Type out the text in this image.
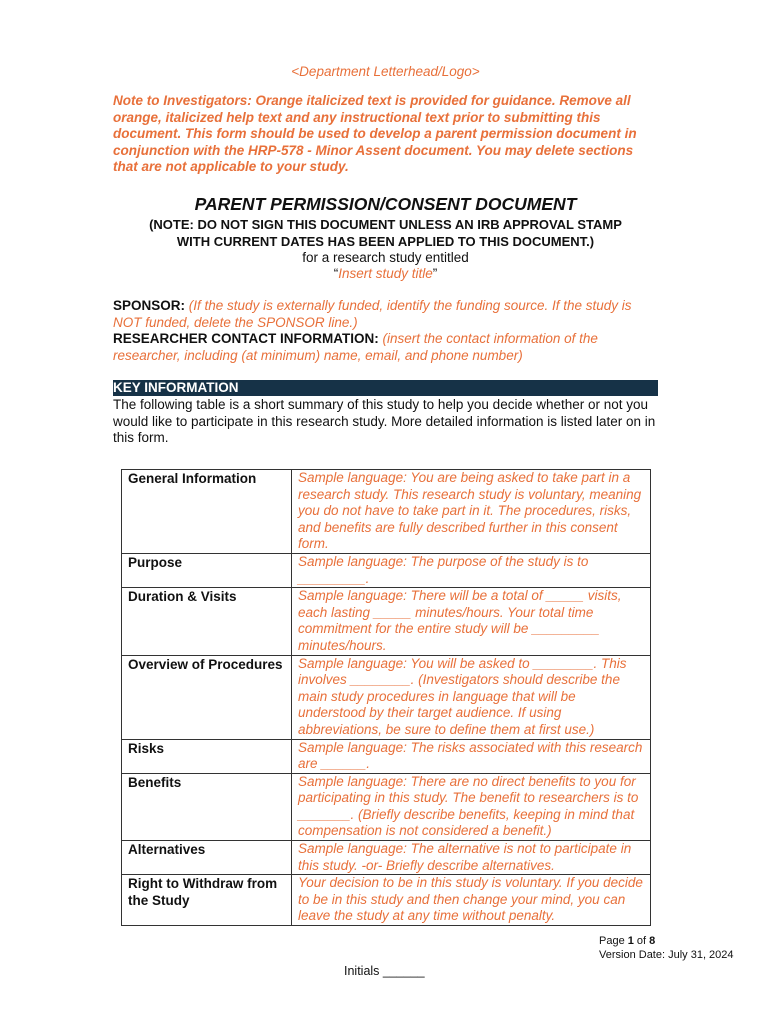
<Department Letterhead/Logo>
Note to Investigators: Orange italicized text is provided for guidance. Remove all orange, italicized help text and any instructional text prior to submitting this document. This form should be used to develop a parent permission document in conjunction with the HRP-578 - Minor Assent document. You may delete sections that are not applicable to your study.
PARENT PERMISSION/CONSENT DOCUMENT
(NOTE: DO NOT SIGN THIS DOCUMENT UNLESS AN IRB APPROVAL STAMP
WITH CURRENT DATES HAS BEEN APPLIED TO THIS DOCUMENT.)
for a research study entitled
“Insert study title”
SPONSOR: (If the study is externally funded, identify the funding source. If the study is NOT funded, delete the SPONSOR line.)
RESEARCHER CONTACT INFORMATION: (insert the contact information of the researcher, including (at minimum) name, email, and phone number)
KEY INFORMATION
The following table is a short summary of this study to help you decide whether or not you would like to participate in this research study. More detailed information is listed later on in this form.
General Information	Sample language: You are being asked to take part in a research study. This research study is voluntary, meaning you do not have to take part in it. The procedures, risks, and benefits are fully described further in this consent form.
Purpose	Sample language: The purpose of the study is to _________.
Duration & Visits	Sample language: There will be a total of _____ visits, each lasting _____ minutes/hours. Your total time commitment for the entire study will be _________ minutes/hours.
Overview of Procedures	Sample language: You will be asked to ________. This involves ________. (Investigators should describe the main study procedures in language that will be understood by their target audience. If using abbreviations, be sure to define them at first use.)
Risks	Sample language: The risks associated with this research are ______.
Benefits	Sample language: There are no direct benefits to you for participating in this study. The benefit to researchers is to _______. (Briefly describe benefits, keeping in mind that compensation is not considered a benefit.)
Alternatives	Sample language: The alternative is not to participate in this study. -or- Briefly describe alternatives.
Right to Withdraw from the Study	Your decision to be in this study is voluntary. If you decide to be in this study and then change your mind, you can leave the study at any time without penalty.
Page 1 of 8
Version Date: July 31, 2024
Initials ______
